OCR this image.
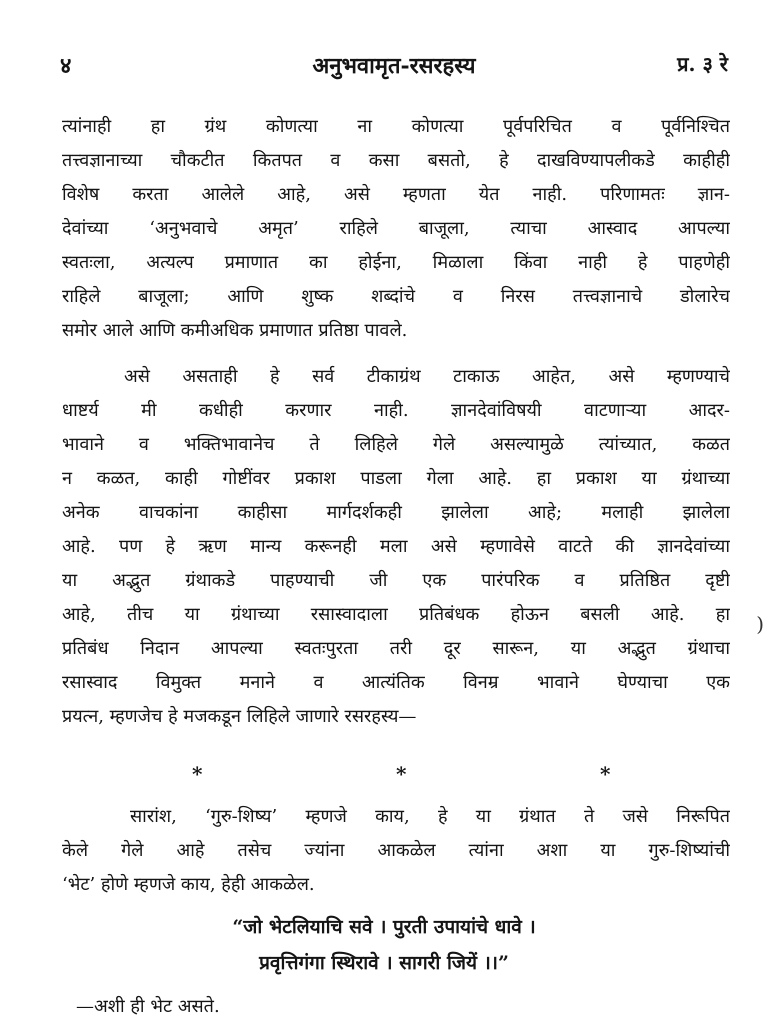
४	अनुभवामृत-रसरहस्य	प्र. ३ रे
त्यांनाही हा ग्रंथ कोणत्या ना कोणत्या पूर्वपरिचित व पूर्वनिश्चित
तत्त्वज्ञानाच्या चौकटीत कितपत व कसा बसतो, हे दाखविण्यापलीकडे काहीही
विशेष करता आलेले आहे, असे म्हणता येत नाही. परिणामतः ज्ञान-
देवांच्या ‘अनुभवाचे अमृत’ राहिले बाजूला, त्याचा आस्वाद आपल्या
स्वतःला, अत्यल्प प्रमाणात का होईना, मिळाला किंवा नाही हे पाहणेही
राहिले बाजूला; आणि शुष्क शब्दांचे व निरस तत्त्वज्ञानाचे डोलारेच
समोर आले आणि कमीअधिक प्रमाणात प्रतिष्ठा पावले.
असे असताही हे सर्व टीकाग्रंथ टाकाऊ आहेत, असे म्हणण्याचे
धाष्टर्य मी कधीही करणार नाही. ज्ञानदेवांविषयी वाटणाऱ्या आदर-
भावाने व भक्तिभावानेच ते लिहिले गेले असल्यामुळे त्यांच्यात, कळत
न कळत, काही गोष्टींवर प्रकाश पाडला गेला आहे. हा प्रकाश या ग्रंथाच्या
अनेक वाचकांना काहीसा मार्गदर्शकही झालेला आहे; मलाही झालेला
आहे. पण हे ऋण मान्य करूनही मला असे म्हणावेसे वाटते की ज्ञानदेवांच्या
या अद्भुत ग्रंथाकडे पाहण्याची जी एक पारंपरिक व प्रतिष्ठित दृष्टी
आहे, तीच या ग्रंथाच्या रसास्वादाला प्रतिबंधक होऊन बसली आहे. हा
प्रतिबंध निदान आपल्या स्वतःपुरता तरी दूर सारून, या अद्भुत ग्रंथाचा
रसास्वाद विमुक्त मनाने व आत्यंतिक विनम्र भावाने घेण्याचा एक
प्रयत्न, म्हणजेच हे मजकडून लिहिले जाणारे रसरहस्य—
*	*	*
सारांश, ‘गुरु-शिष्य’ म्हणजे काय, हे या ग्रंथात ते जसे निरूपित
केले गेले आहे तसेच ज्यांना आकळेल त्यांना अशा या गुरु-शिष्यांची
‘भेट’ होणे म्हणजे काय, हेही आकळेल.
“जो भेटलियाचि सवे । पुरती उपायांचे धावे ।
प्रवृत्तिगंगा स्थिरावे । सागरी जियें ।।”
—अशी ही भेट असते.
)
